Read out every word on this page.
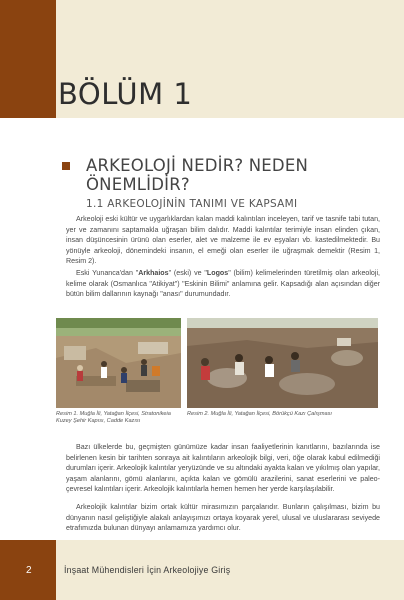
BÖLÜM 1
ARKEOLOJİ NEDİR? NEDEN
ÖNEMLİDİR?
1.1 ARKEOLOJİNİN TANIMI VE KAPSAMI

Arkeoloji eski kültür ve uygarlıklardan kalan maddi kalıntıları inceleyen, tarif ve tasnife tabi tutan, yer ve zamanını saptamakla uğraşan bilim dalıdır. Maddi kalıntılar terimiyle insan elinden çıkan, insan düşüncesinin ürünü olan eserler, alet ve malzeme ile ev eşyaları vb. kastedilmektedir. Bu yönüyle arkeoloji, dönemindeki insanın, el emeği olan eserler ile uğraşmak demektir (Resim 1, Resim 2).

Eski Yunanca'dan "Arkhaios" (eski) ve "Logos" (bilim) kelimelerinden türetilmiş olan arkeoloji, kelime olarak (Osmanlıca "Atikiyat") "Eskinin Bilimi" anlamına gelir. Kapsadığı alan açısından diğer bütün bilim dallarının kaynağı "anası" durumundadır.

Resim 1. Muğla İli, Yatağan İlçesi, Stratonikeia Kuzey Şehir Kapısı, Cadde Kazısı

Resim 2. Muğla İli, Yatağan İlçesi, Börükçü Kazı Çalışması

Bazı ülkelerde bu, geçmişten günümüze kadar insan faaliyetlerinin kanıtlarını, bazılarında ise belirlenen kesin bir tarihten sonraya ait kalıntıların arkeolojik bilgi, veri, öğe olarak kabul edilmediği durumları içerir. Arkeolojik kalıntılar yeryüzünde ve su altındaki ayakta kalan ve yıkılmış olan yapılar, yaşam alanlarını, gömü alanlarını, açıkta kalan ve gömülü arazilerini, sanat eserlerini ve paleo-çevresel kalıntıları içerir. Arkeolojik kalıntılarla hemen hemen her yerde karşılaşılabilir.

Arkeolojik kalıntılar bizim ortak kültür mirasımızın parçalarıdır. Bunların çalışılması, bizim bu dünyanın nasıl geliştiğiyle alakalı anlayışımızı ortaya koyarak yerel, ulusal ve uluslararası seviyede etrafımızda bulunan dünyayı anlamamıza yardımcı olur.

2	İnşaat Mühendisleri İçin Arkeolojiye Giriş
